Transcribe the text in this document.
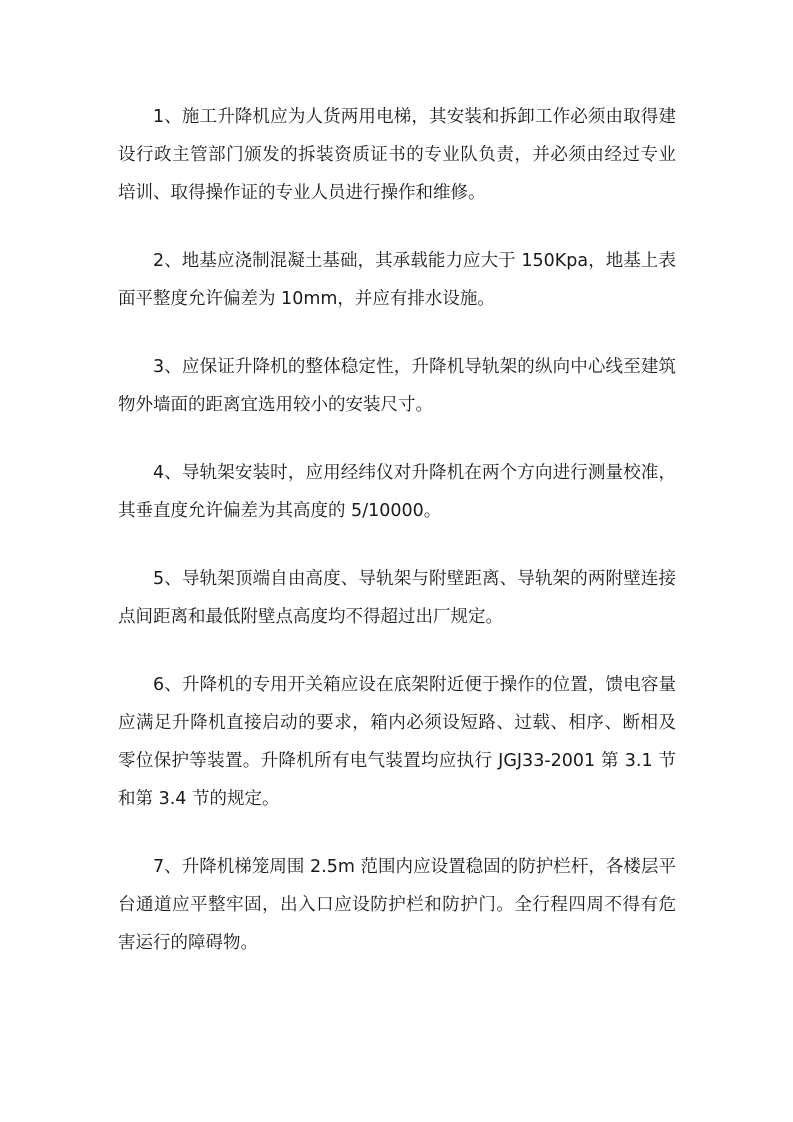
1、施工升降机应为人货两用电梯，其安装和拆卸工作必须由取得建设行政主管部门颁发的拆装资质证书的专业队负责，并必须由经过专业培训、取得操作证的专业人员进行操作和维修。

2、地基应浇制混凝土基础，其承载能力应大于 150Kpa，地基上表面平整度允许偏差为 10mm，并应有排水设施。

3、应保证升降机的整体稳定性，升降机导轨架的纵向中心线至建筑物外墙面的距离宜选用较小的安装尺寸。

4、导轨架安装时，应用经纬仪对升降机在两个方向进行测量校准，其垂直度允许偏差为其高度的 5/10000。

5、导轨架顶端自由高度、导轨架与附壁距离、导轨架的两附壁连接点间距离和最低附壁点高度均不得超过出厂规定。

6、升降机的专用开关箱应设在底架附近便于操作的位置，馈电容量应满足升降机直接启动的要求，箱内必须设短路、过载、相序、断相及零位保护等装置。升降机所有电气装置均应执行 JGJ33-2001 第 3.1 节和第 3.4 节的规定。

7、升降机梯笼周围 2.5m 范围内应设置稳固的防护栏杆，各楼层平台通道应平整牢固，出入口应设防护栏和防护门。全行程四周不得有危害运行的障碍物。
